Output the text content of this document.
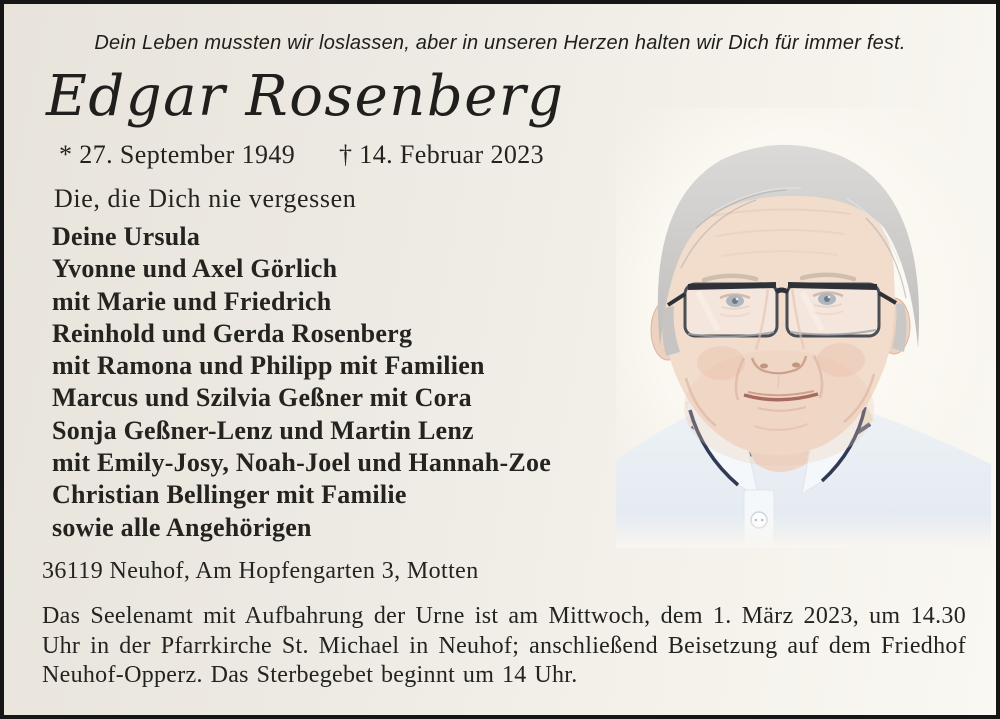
Dein Leben mussten wir loslassen, aber in unseren Herzen halten wir Dich für immer fest.
Edgar Rosenberg
* 27. September 1949 † 14. Februar 2023
Die, die Dich nie vergessen
Deine Ursula
Yvonne und Axel Görlich
mit Marie und Friedrich
Reinhold und Gerda Rosenberg
mit Ramona und Philipp mit Familien
Marcus und Szilvia Geßner mit Cora
Sonja Geßner-Lenz und Martin Lenz
mit Emily-Josy, Noah-Joel und Hannah-Zoe
Christian Bellinger mit Familie
sowie alle Angehörigen
36119 Neuhof, Am Hopfengarten 3, Motten

Das Seelenamt mit Aufbahrung der Urne ist am Mittwoch, dem 1. März 2023, um 14.30 Uhr in der Pfarrkirche St. Michael in Neuhof; anschließend Beisetzung auf dem Friedhof Neuhof-Opperz. Das Sterbegebet beginnt um 14 Uhr.
